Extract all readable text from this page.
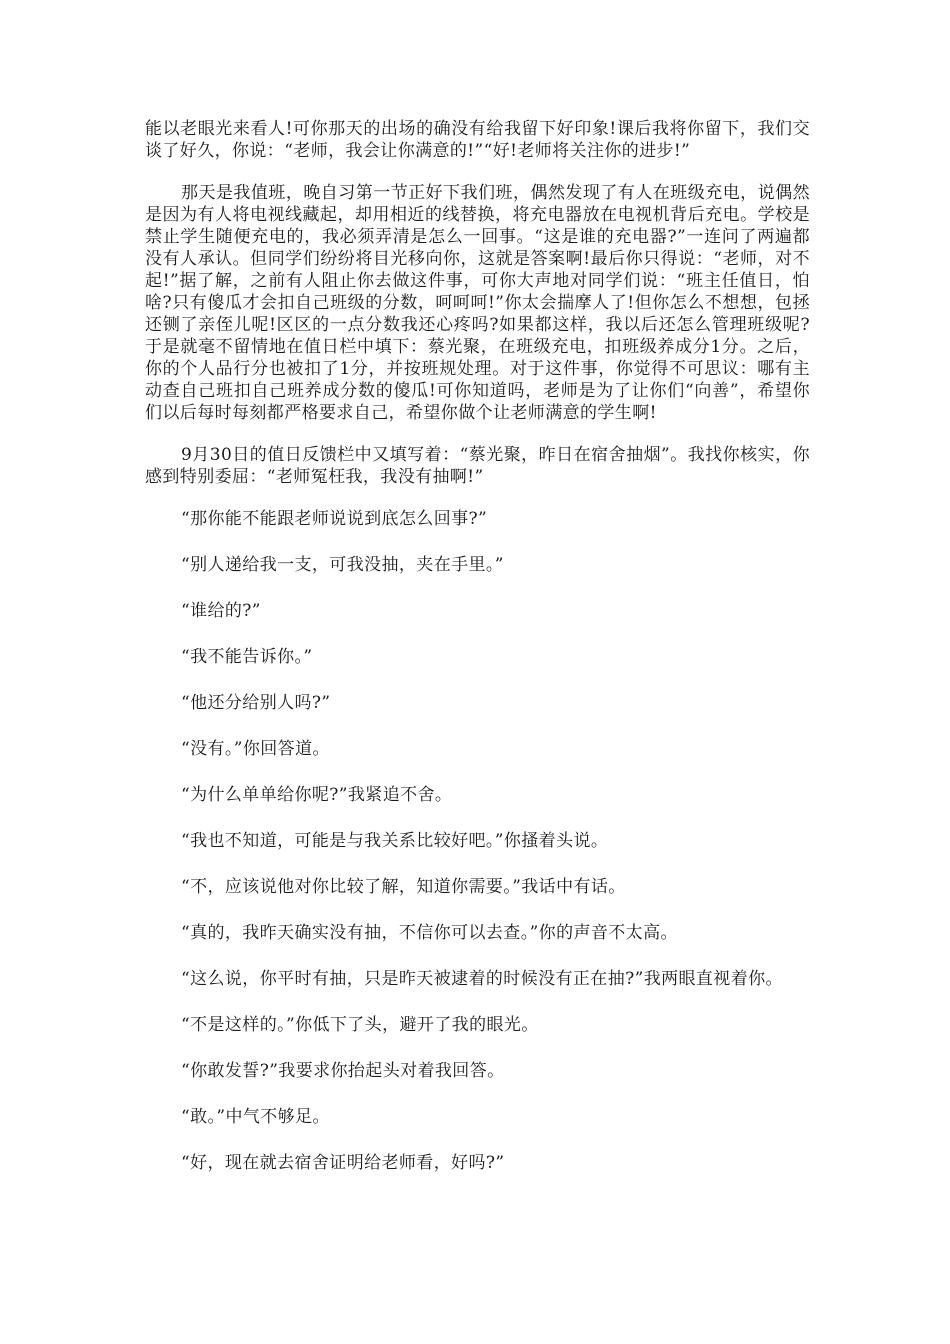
能以老眼光来看人!可你那天的出场的确没有给我留下好印象!课后我将你留下，我们交谈了好久，你说：“老师，我会让你满意的!”“好!老师将关注你的进步!”

那天是我值班，晚自习第一节正好下我们班，偶然发现了有人在班级充电，说偶然是因为有人将电视线藏起，却用相近的线替换，将充电器放在电视机背后充电。学校是禁止学生随便充电的，我必须弄清是怎么一回事。“这是谁的充电器?”一连问了两遍都没有人承认。但同学们纷纷将目光移向你，这就是答案啊!最后你只得说：“老师，对不起!”据了解，之前有人阻止你去做这件事，可你大声地对同学们说：“班主任值日，怕啥?只有傻瓜才会扣自己班级的分数，呵呵呵!”你太会揣摩人了!但你怎么不想想，包拯还铡了亲侄儿呢!区区的一点分数我还心疼吗?如果都这样，我以后还怎么管理班级呢?于是就毫不留情地在值日栏中填下：蔡光聚，在班级充电，扣班级养成分1分。之后，你的个人品行分也被扣了1分，并按班规处理。对于这件事，你觉得不可思议：哪有主动查自己班扣自己班养成分数的傻瓜!可你知道吗，老师是为了让你们“向善”，希望你们以后每时每刻都严格要求自己，希望你做个让老师满意的学生啊!

9月30日的值日反馈栏中又填写着：“蔡光聚，昨日在宿舍抽烟”。我找你核实，你感到特别委屈：“老师冤枉我，我没有抽啊!”

“那你能不能跟老师说说到底怎么回事?”

“别人递给我一支，可我没抽，夹在手里。”

“谁给的?”

“我不能告诉你。”

“他还分给别人吗?”

“没有。”你回答道。

“为什么单单给你呢?”我紧追不舍。

“我也不知道，可能是与我关系比较好吧。”你搔着头说。

“不，应该说他对你比较了解，知道你需要。”我话中有话。

“真的，我昨天确实没有抽，不信你可以去查。”你的声音不太高。

“这么说，你平时有抽，只是昨天被逮着的时候没有正在抽?”我两眼直视着你。

“不是这样的。”你低下了头，避开了我的眼光。

“你敢发誓?”我要求你抬起头对着我回答。

“敢。”中气不够足。

“好，现在就去宿舍证明给老师看，好吗?”
